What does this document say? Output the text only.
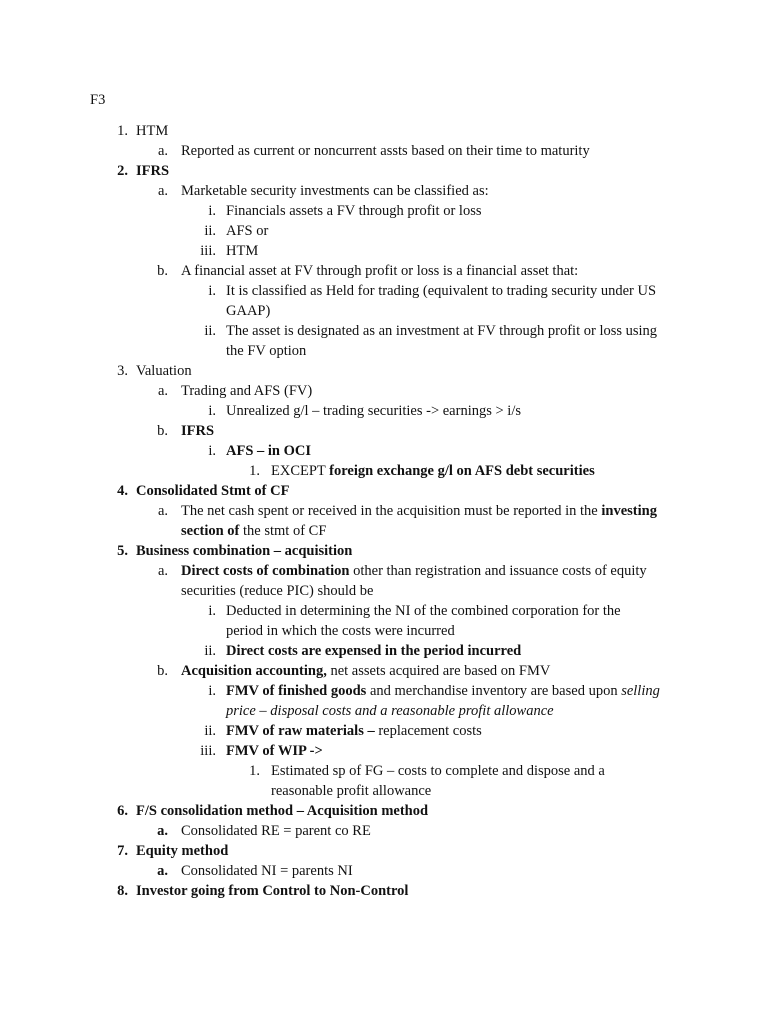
F3
1. HTM
a. Reported as current or noncurrent assts based on their time to maturity
2. IFRS
a. Marketable security investments can be classified as:
i. Financials assets a FV through profit or loss
ii. AFS or
iii. HTM
b. A financial asset at FV through profit or loss is a financial asset that:
i. It is classified as Held for trading (equivalent to trading security under US
GAAP)
ii. The asset is designated as an investment at FV through profit or loss using
the FV option
3. Valuation
a. Trading and AFS (FV)
i. Unrealized g/l – trading securities -> earnings > i/s
b. IFRS
i. AFS – in OCI
1. EXCEPT foreign exchange g/l on AFS debt securities
4. Consolidated Stmt of CF
a. The net cash spent or received in the acquisition must be reported in the investing
section of the stmt of CF
5. Business combination – acquisition
a. Direct costs of combination other than registration and issuance costs of equity
securities (reduce PIC) should be
i. Deducted in determining the NI of the combined corporation for the
period in which the costs were incurred
ii. Direct costs are expensed in the period incurred
b. Acquisition accounting, net assets acquired are based on FMV
i. FMV of finished goods and merchandise inventory are based upon selling
price – disposal costs and a reasonable profit allowance
ii. FMV of raw materials – replacement costs
iii. FMV of WIP ->
1. Estimated sp of FG – costs to complete and dispose and a
reasonable profit allowance
6. F/S consolidation method – Acquisition method
a. Consolidated RE = parent co RE
7. Equity method
a. Consolidated NI = parents NI
8. Investor going from Control to Non-Control
